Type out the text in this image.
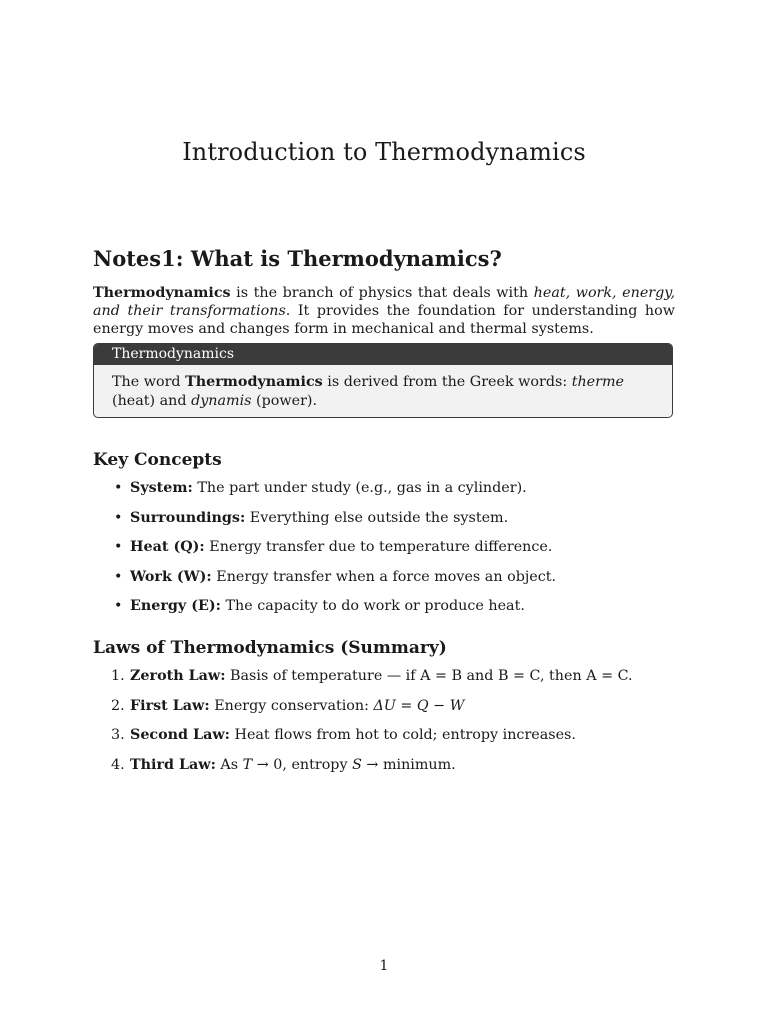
Introduction to Thermodynamics
Notes1: What is Thermodynamics?

Thermodynamics is the branch of physics that deals with heat, work, energy, and their transformations. It provides the foundation for understanding how energy moves and changes form in mechanical and thermal systems.

Thermodynamics
The word Thermodynamics is derived from the Greek words: therme (heat) and dynamis (power).
Key Concepts
• System: The part under study (e.g., gas in a cylinder).
• Surroundings: Everything else outside the system.
• Heat (Q): Energy transfer due to temperature difference.
• Work (W): Energy transfer when a force moves an object.
• Energy (E): The capacity to do work or produce heat.
Laws of Thermodynamics (Summary)
1. Zeroth Law: Basis of temperature — if A = B and B = C, then A = C.
2. First Law: Energy conservation: ΔU = Q − W
3. Second Law: Heat flows from hot to cold; entropy increases.
4. Third Law: As T → 0, entropy S → minimum.
1
